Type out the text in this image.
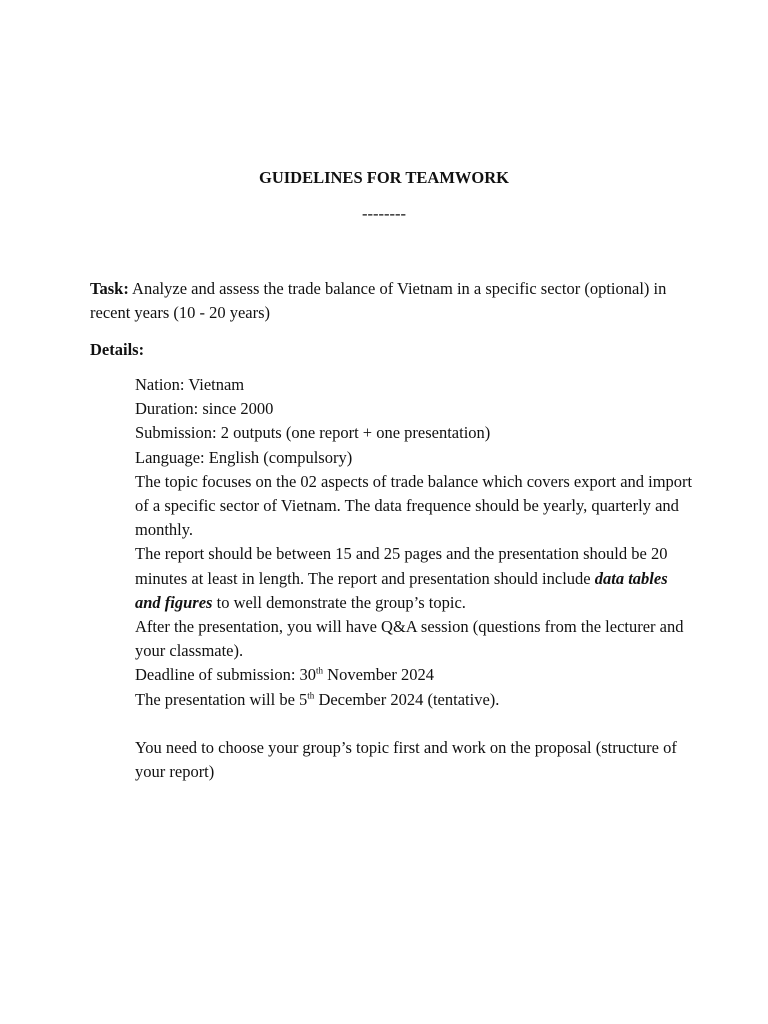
GUIDELINES FOR TEAMWORK
--------
Task: Analyze and assess the trade balance of Vietnam in a specific sector (optional) in recent years (10 - 20 years)
Details:

Nation: Vietnam

Duration: since 2000

Submission: 2 outputs (one report + one presentation)

Language: English (compulsory)

The topic focuses on the 02 aspects of trade balance which covers export and import of a specific sector of Vietnam. The data frequence should be yearly, quarterly and monthly.

The report should be between 15 and 25 pages and the presentation should be 20 minutes at least in length. The report and presentation should include data tables and figures to well demonstrate the group’s topic.

After the presentation, you will have Q&A session (questions from the lecturer and your classmate).

Deadline of submission: 30th November 2024

The presentation will be 5th December 2024 (tentative).

You need to choose your group’s topic first and work on the proposal (structure of your report)
